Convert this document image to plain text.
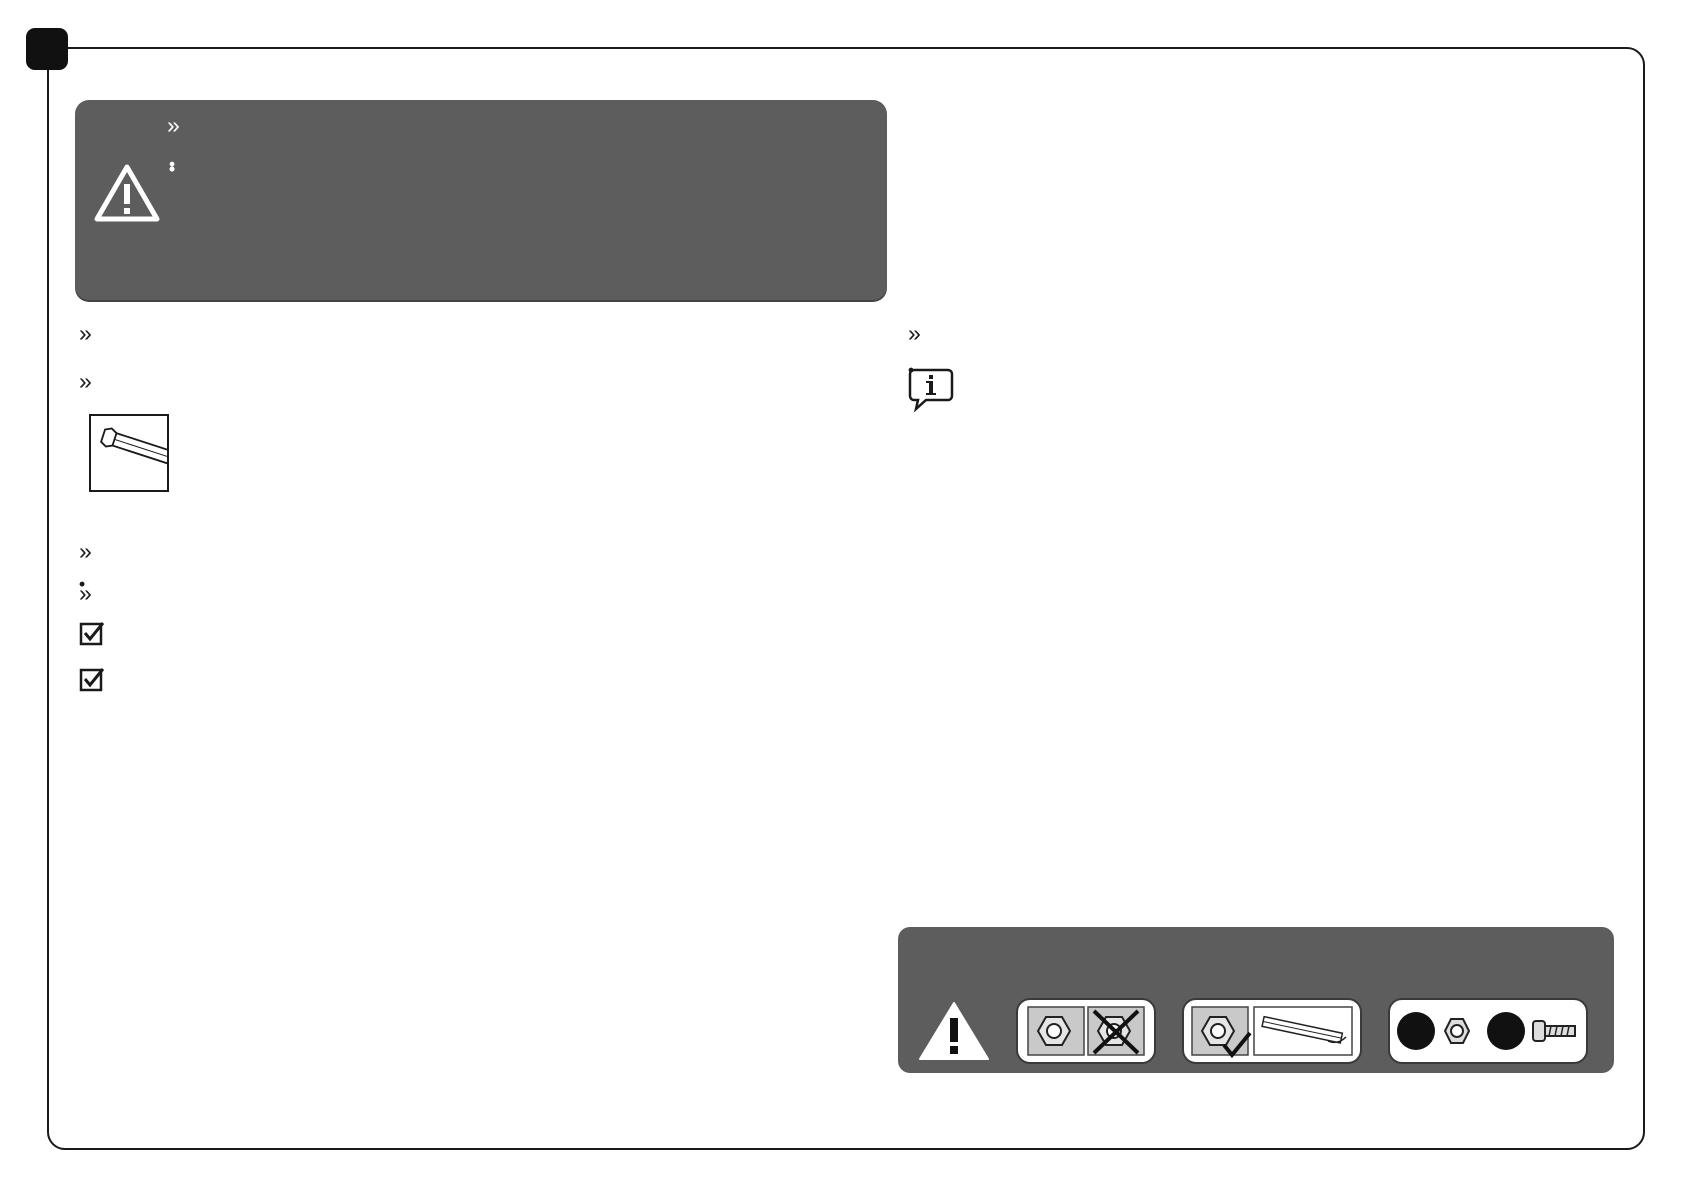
»
»

»
»
»
»
